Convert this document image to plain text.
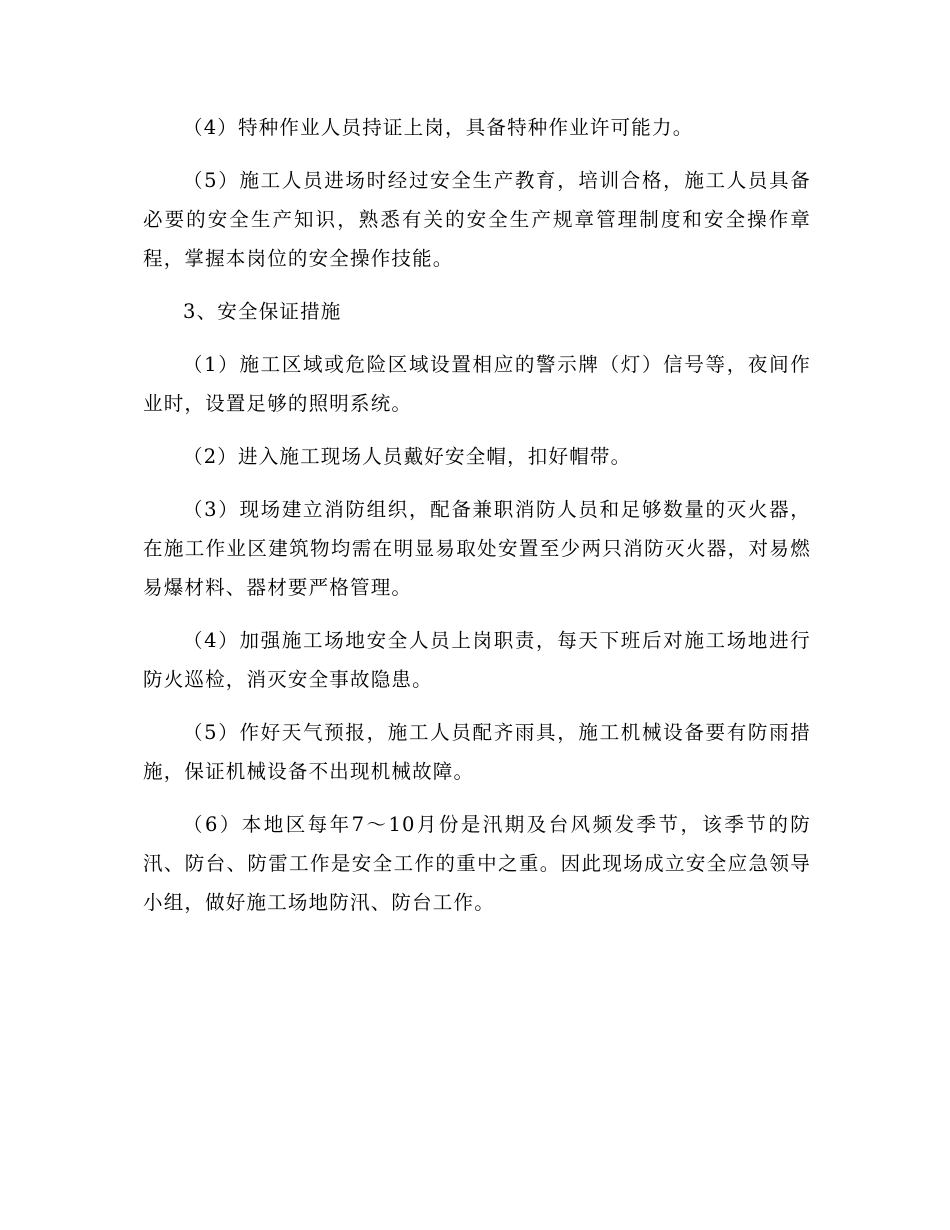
（4）特种作业人员持证上岗，具备特种作业许可能力。

（5）施工人员进场时经过安全生产教育，培训合格，施工人员具备必要的安全生产知识，熟悉有关的安全生产规章管理制度和安全操作章程，掌握本岗位的安全操作技能。

3、安全保证措施

（1）施工区域或危险区域设置相应的警示牌（灯）信号等，夜间作业时，设置足够的照明系统。

（2）进入施工现场人员戴好安全帽，扣好帽带。

（3）现场建立消防组织，配备兼职消防人员和足够数量的灭火器，在施工作业区建筑物均需在明显易取处安置至少两只消防灭火器，对易燃易爆材料、器材要严格管理。

（4）加强施工场地安全人员上岗职责，每天下班后对施工场地进行防火巡检，消灭安全事故隐患。

（5）作好天气预报，施工人员配齐雨具，施工机械设备要有防雨措施，保证机械设备不出现机械故障。

（6）本地区每年7～10月份是汛期及台风频发季节，该季节的防汛、防台、防雷工作是安全工作的重中之重。因此现场成立安全应急领导小组，做好施工场地防汛、防台工作。
